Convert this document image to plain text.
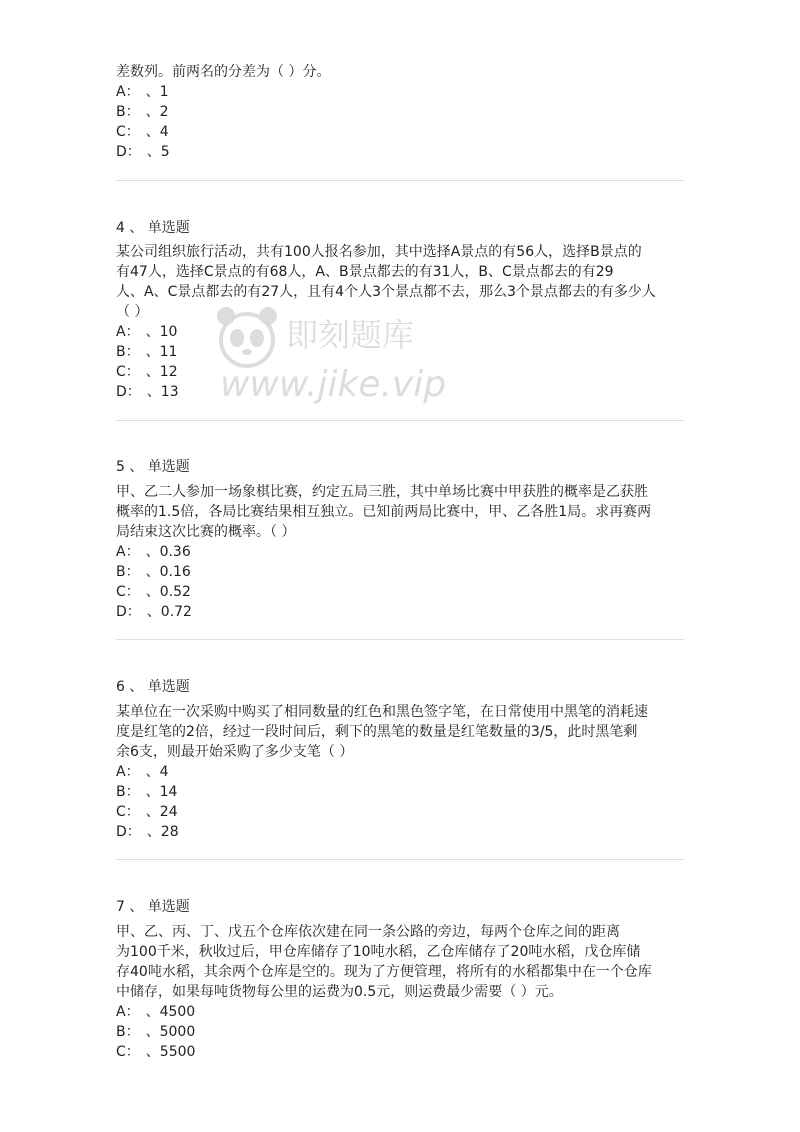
差数列。前两名的分差为（ ）分。
A： 、1
B： 、2
C： 、4
D： 、5
4 、 单选题
某公司组织旅行活动，共有100人报名参加，其中选择A景点的有56人，选择B景点的
有47人，选择C景点的有68人，A、B景点都去的有31人，B、C景点都去的有29
人、A、C景点都去的有27人，且有4个人3个景点都不去，那么3个景点都去的有多少人
（ ）
A： 、10
B： 、11
C： 、12
D： 、13
5 、 单选题
甲、乙二人参加一场象棋比赛，约定五局三胜，其中单场比赛中甲获胜的概率是乙获胜
概率的1.5倍，各局比赛结果相互独立。已知前两局比赛中，甲、乙各胜1局。求再赛两
局结束这次比赛的概率。（ ）
A： 、0.36
B： 、0.16
C： 、0.52
D： 、0.72
6 、 单选题
某单位在一次采购中购买了相同数量的红色和黑色签字笔，在日常使用中黑笔的消耗速
度是红笔的2倍，经过一段时间后，剩下的黑笔的数量是红笔数量的3/5，此时黑笔剩
余6支，则最开始采购了多少支笔（ ）
A： 、4
B： 、14
C： 、24
D： 、28
7 、 单选题
甲、乙、丙、丁、戊五个仓库依次建在同一条公路的旁边，每两个仓库之间的距离
为100千米，秋收过后，甲仓库储存了10吨水稻，乙仓库储存了20吨水稻，戊仓库储
存40吨水稻，其余两个仓库是空的。现为了方便管理，将所有的水稻都集中在一个仓库
中储存，如果每吨货物每公里的运费为0.5元，则运费最少需要（ ）元。
A： 、4500
B： 、5000
C： 、5500
即刻题库
www.jike.vip
